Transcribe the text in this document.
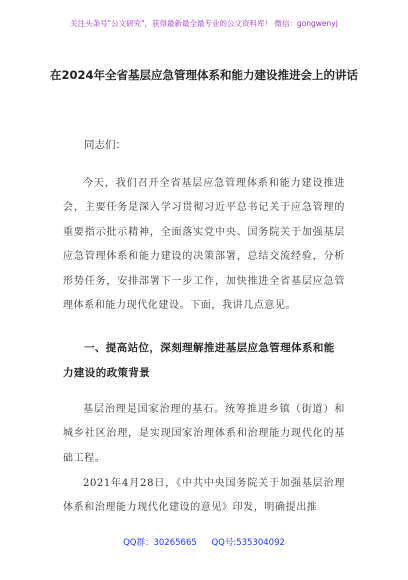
关注头条号"公文研究"，获得最新最全最专业的公文资料库！ 微信：gongwenyj
在2024年全省基层应急管理体系和能力建设推进会上的讲话
同志们：

今天，我们召开全省基层应急管理体系和能力建设推进会，主要任务是深入学习贯彻习近平总书记关于应急管理的重要指示批示精神，全面落实党中央、国务院关于加强基层应急管理体系和能力建设的决策部署，总结交流经验，分析形势任务，安排部署下一步工作，加快推进全省基层应急管理体系和能力现代化建设。下面，我讲几点意见。

一、提高站位，深刻理解推进基层应急管理体系和能力建设的政策背景

基层治理是国家治理的基石。统筹推进乡镇（街道）和城乡社区治理，是实现国家治理体系和治理能力现代化的基础工程。

2021年4月28日，《中共中央国务院关于加强基层治理体系和治理能力现代化建设的意见》印发，明确提出推

QQ群：30265665 QQ号:535304092
